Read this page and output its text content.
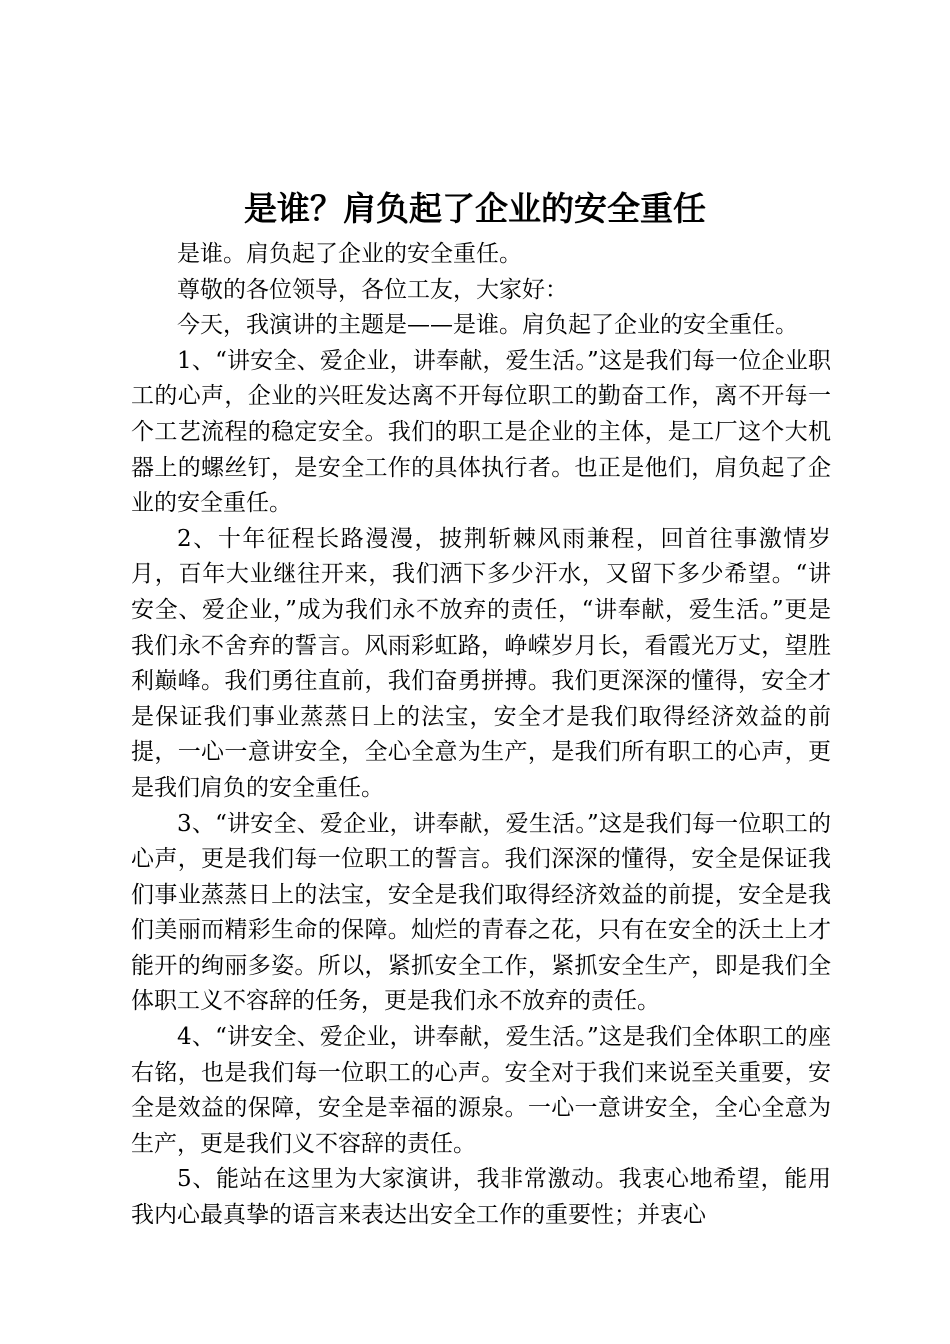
是谁？肩负起了企业的安全重任

是谁。肩负起了企业的安全重任。

尊敬的各位领导，各位工友，大家好：

今天，我演讲的主题是——是谁。肩负起了企业的安全重任。

1、“讲安全、爱企业，讲奉献，爱生活。”这是我们每一位企业职工的心声，企业的兴旺发达离不开每位职工的勤奋工作，离不开每一个工艺流程的稳定安全。我们的职工是企业的主体，是工厂这个大机器上的螺丝钉，是安全工作的具体执行者。也正是他们，肩负起了企业的安全重任。

2、十年征程长路漫漫，披荆斩棘风雨兼程，回首往事激情岁月，百年大业继往开来，我们洒下多少汗水，又留下多少希望。“讲安全、爱企业，”成为我们永不放弃的责任，“讲奉献，爱生活。”更是我们永不舍弃的誓言。风雨彩虹路，峥嵘岁月长，看霞光万丈，望胜利巅峰。我们勇往直前，我们奋勇拼搏。我们更深深的懂得，安全才是保证我们事业蒸蒸日上的法宝，安全才是我们取得经济效益的前提，一心一意讲安全，全心全意为生产，是我们所有职工的心声，更是我们肩负的安全重任。

3、“讲安全、爱企业，讲奉献，爱生活。”这是我们每一位职工的心声，更是我们每一位职工的誓言。我们深深的懂得，安全是保证我们事业蒸蒸日上的法宝，安全是我们取得经济效益的前提，安全是我们美丽而精彩生命的保障。灿烂的青春之花，只有在安全的沃土上才能开的绚丽多姿。所以，紧抓安全工作，紧抓安全生产，即是我们全体职工义不容辞的任务，更是我们永不放弃的责任。

4、“讲安全、爱企业，讲奉献，爱生活。”这是我们全体职工的座右铭，也是我们每一位职工的心声。安全对于我们来说至关重要，安全是效益的保障，安全是幸福的源泉。一心一意讲安全，全心全意为生产，更是我们义不容辞的责任。

5、能站在这里为大家演讲，我非常激动。我衷心地希望，能用我内心最真挚的语言来表达出安全工作的重要性；并衷心
